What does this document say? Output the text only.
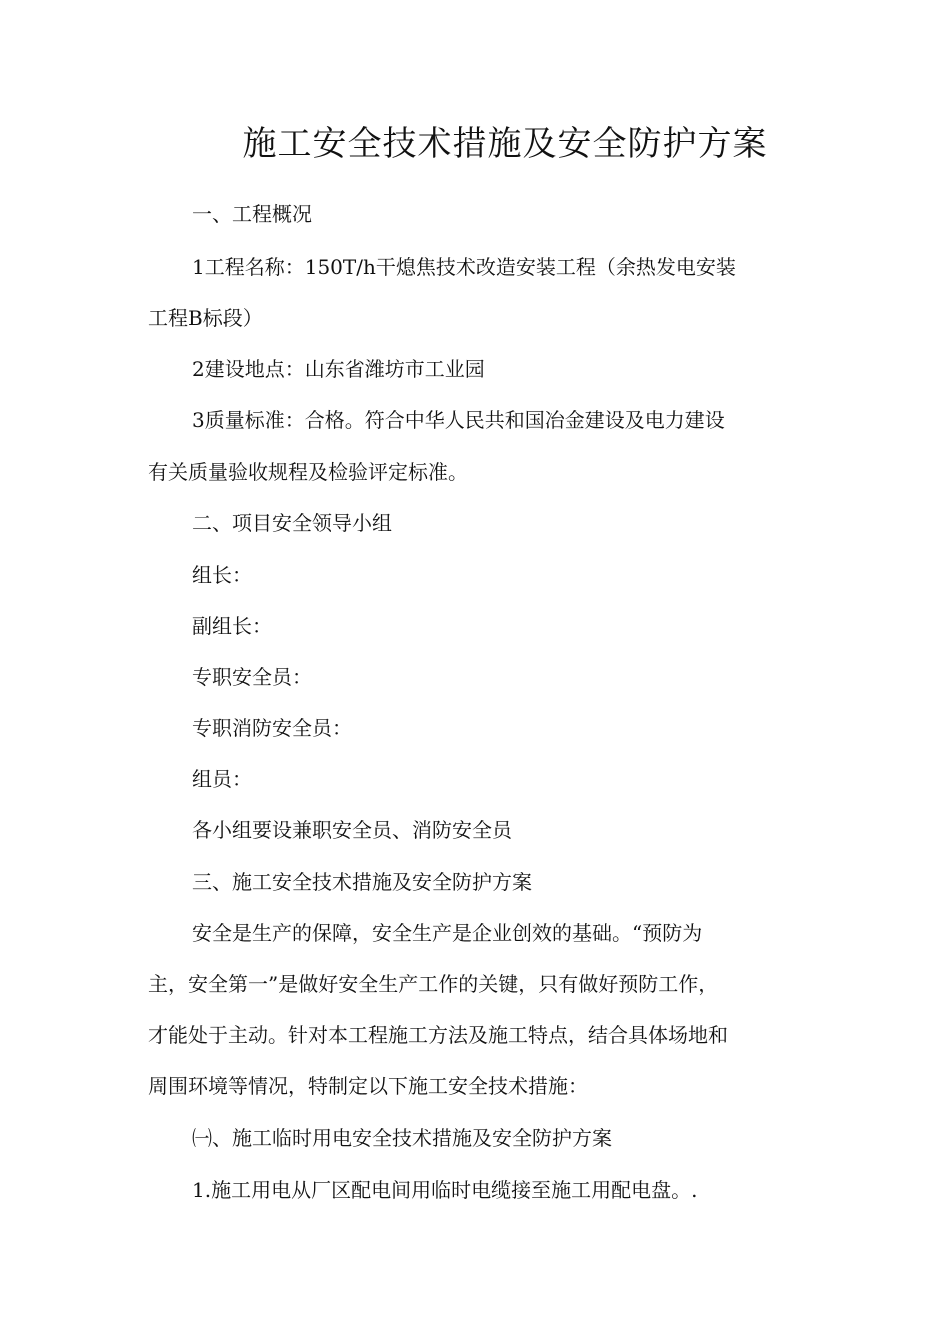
施工安全技术措施及安全防护方案

一、工程概况

1工程名称：150T/h干熄焦技术改造安装工程（余热发电安装

工程B标段）

2建设地点：山东省潍坊市工业园

3质量标准：合格。符合中华人民共和国冶金建设及电力建设

有关质量验收规程及检验评定标准。

二、项目安全领导小组

组长：

副组长：

专职安全员：

专职消防安全员：

组员：

各小组要设兼职安全员、消防安全员

三、施工安全技术措施及安全防护方案

安全是生产的保障，安全生产是企业创效的基础。“预防为

主，安全第一”是做好安全生产工作的关键，只有做好预防工作，

才能处于主动。针对本工程施工方法及施工特点，结合具体场地和

周围环境等情况，特制定以下施工安全技术措施：

㈠、施工临时用电安全技术措施及安全防护方案

1.施工用电从厂区配电间用临时电缆接至施工用配电盘。.
